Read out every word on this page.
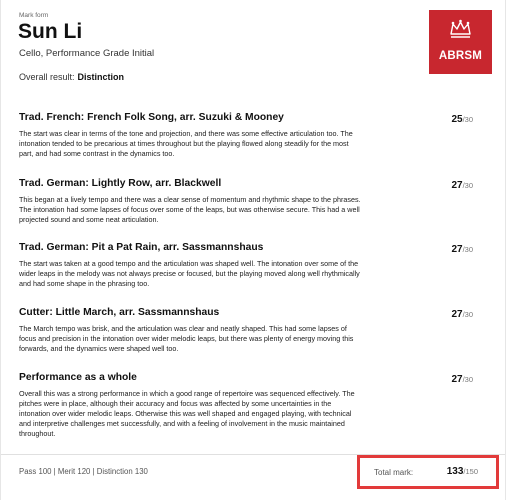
Mark form
Sun Li
Cello, Performance Grade Initial
Overall result: Distinction
ABRSM
Trad. French: French Folk Song, arr. Suzuki & Mooney	25/30
The start was clear in terms of the tone and projection, and there was some effective articulation too. The intonation tended to be precarious at times throughout but the playing flowed along steadily for the most part, and had some contrast in the dynamics too.
Trad. German: Lightly Row, arr. Blackwell	27/30
This began at a lively tempo and there was a clear sense of momentum and rhythmic shape to the phrases. The intonation had some lapses of focus over some of the leaps, but was otherwise secure. This had a well projected sound and some neat articulation.
Trad. German: Pit a Pat Rain, arr. Sassmannshaus	27/30
The start was taken at a good tempo and the articulation was shaped well. The intonation over some of the wider leaps in the melody was not always precise or focused, but the playing moved along well rhythmically and had some shape in the phrasing too.
Cutter: Little March, arr. Sassmannshaus	27/30
The March tempo was brisk, and the articulation was clear and neatly shaped. This had some lapses of focus and precision in the intonation over wider melodic leaps, but there was plenty of energy moving this forwards, and the dynamics were shaped well too.
Performance as a whole	27/30
Overall this was a strong performance in which a good range of repertoire was sequenced effectively. The pitches were in place, although their accuracy and focus was affected by some uncertainties in the intonation over wider melodic leaps. Otherwise this was well shaped and engaged playing, with technical and interpretive challenges met successfully, and with a feeling of involvement in the music maintained throughout.
Pass 100 | Merit 120 | Distinction 130	Total mark:	133/150
